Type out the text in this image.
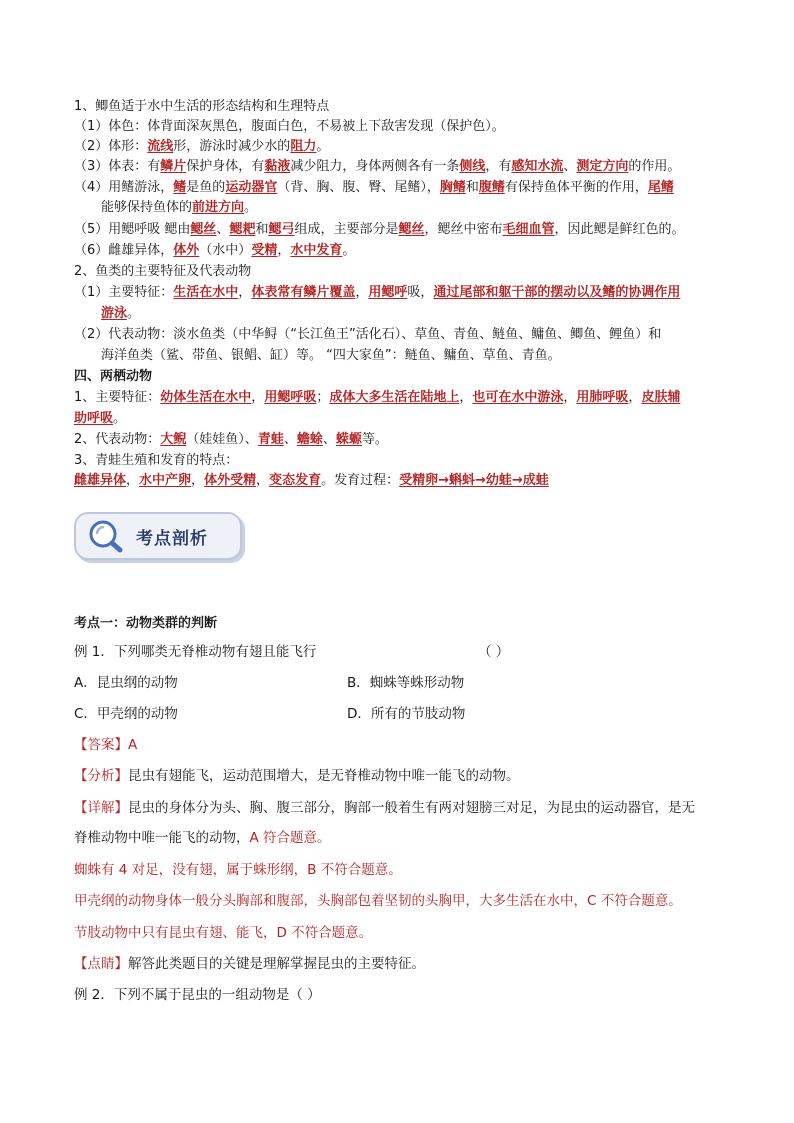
1、鲫鱼适于水中生活的形态结构和生理特点
（1）体色：体背面深灰黑色，腹面白色，不易被上下敌害发现（保护色）。
（2）体形：流线形，游泳时减少水的阻力。
（3）体表：有鳞片保护身体，有黏液减少阻力，身体两侧各有一条侧线，有感知水流、测定方向的作用。
（4）用鳍游泳，鳍是鱼的运动器官（背、胸、腹、臀、尾鳍），胸鳍和腹鳍有保持鱼体平衡的作用，尾鳍
能够保持鱼体的前进方向。
（5）用鳃呼吸 鳃由鳃丝、鳃耙和鳃弓组成，主要部分是鳃丝，鳃丝中密布毛细血管，因此鳃是鲜红色的。
（6）雌雄异体，体外（水中）受精，水中发育。
2、鱼类的主要特征及代表动物
（1）主要特征：生活在水中，体表常有鳞片覆盖，用鳃呼吸，通过尾部和躯干部的摆动以及鳍的协调作用
游泳。
（2）代表动物：淡水鱼类（中华鲟（“长江鱼王”活化石）、草鱼、青鱼、鲢鱼、鳙鱼、鲫鱼、鲤鱼）和
海洋鱼类（鲨、带鱼、银鲳、缸）等。 “四大家鱼”：鲢鱼、鳙鱼、草鱼、青鱼。
四、两栖动物
1、主要特征：幼体生活在水中，用鳃呼吸；成体大多生活在陆地上，也可在水中游泳，用肺呼吸，皮肤辅
助呼吸。
2、代表动物：大鲵（娃娃鱼）、青蛙、蟾蜍、蝾螈等。
3、青蛙生殖和发育的特点：
雌雄异体，水中产卵，体外受精，变态发育。发育过程：受精卵→蝌蚪→幼蛙→成蛙
考点剖析
考点一：动物类群的判断
例 1．下列哪类无脊椎动物有翅且能飞行	（ ）
A．昆虫纲的动物	B．蜘蛛等蛛形动物
C．甲壳纲的动物	D．所有的节肢动物
【答案】A
【分析】昆虫有翅能飞，运动范围增大，是无脊椎动物中唯一能飞的动物。
【详解】昆虫的身体分为头、胸、腹三部分，胸部一般着生有两对翅膀三对足，为昆虫的运动器官，是无
脊椎动物中唯一能飞的动物，A 符合题意。
蜘蛛有 4 对足，没有翅，属于蛛形纲，B 不符合题意。
甲壳纲的动物身体一般分头胸部和腹部，头胸部包着坚韧的头胸甲，大多生活在水中，C 不符合题意。
节肢动物中只有昆虫有翅、能飞，D 不符合题意。
【点睛】解答此类题目的关键是理解掌握昆虫的主要特征。
例 2．下列不属于昆虫的一组动物是（ ）
